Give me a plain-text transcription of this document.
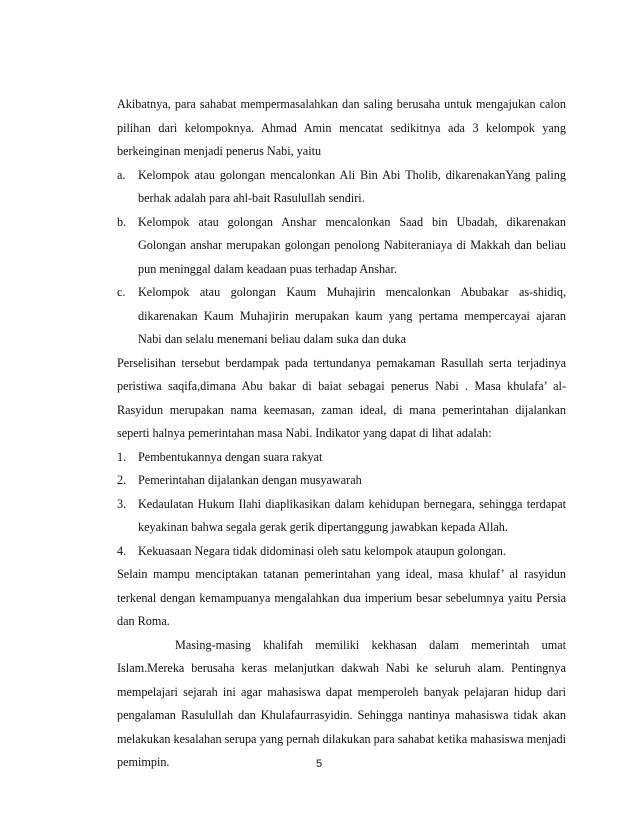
Akibatnya, para sahabat mempermasalahkan dan saling berusaha untuk mengajukan calon pilihan dari kelompoknya. Ahmad Amin mencatat sedikitnya ada 3 kelompok yang berkeinginan menjadi penerus Nabi, yaitu

a.	Kelompok atau golongan mencalonkan Ali Bin Abi Tholib, dikarenakanYang paling berhak adalah para ahl-bait Rasulullah sendiri.

b. Kelompok atau golongan Anshar mencalonkan Saad bin Ubadah, dikarenakan Golongan anshar merupakan golongan penolong Nabiteraniaya di Makkah dan beliau pun meninggal dalam keadaan puas terhadap Anshar.

c.	Kelompok atau golongan Kaum Muhajirin mencalonkan Abubakar as-shidiq, dikarenakan Kaum Muhajirin merupakan kaum yang pertama mempercayai ajaran Nabi dan selalu menemani beliau dalam suka dan duka

Perselisihan tersebut berdampak pada tertundanya pemakaman Rasullah serta terjadinya peristiwa saqifa,dimana Abu bakar di baiat sebagai penerus Nabi . Masa khulafa’ al-Rasyidun merupakan nama keemasan, zaman ideal, di mana pemerintahan dijalankan seperti halnya pemerintahan masa Nabi. Indikator yang dapat di lihat adalah:

1. Pembentukannya dengan suara rakyat

2. Pemerintahan dijalankan dengan musyawarah

3. Kedaulatan Hukum Ilahi diaplikasikan dalam kehidupan bernegara, sehingga terdapat keyakinan bahwa segala gerak gerik dipertanggung jawabkan kepada Allah.

4. Kekuasaan Negara tidak didominasi oleh satu kelompok ataupun golongan.

Selain mampu menciptakan tatanan pemerintahan yang ideal, masa khulaf’ al rasyidun terkenal dengan kemampuanya mengalahkan dua imperium besar sebelumnya yaitu Persia dan Roma.

Masing-masing khalifah memiliki kekhasan dalam memerintah umat Islam.Mereka berusaha keras melanjutkan dakwah Nabi ke seluruh alam. Pentingnya mempelajari sejarah ini agar mahasiswa dapat memperoleh banyak pelajaran hidup dari pengalaman Rasulullah dan Khulafaurrasyidin. Sehingga nantinya mahasiswa tidak akan melakukan kesalahan serupa yang pernah dilakukan para sahabat ketika mahasiswa menjadi pemimpin.	5
